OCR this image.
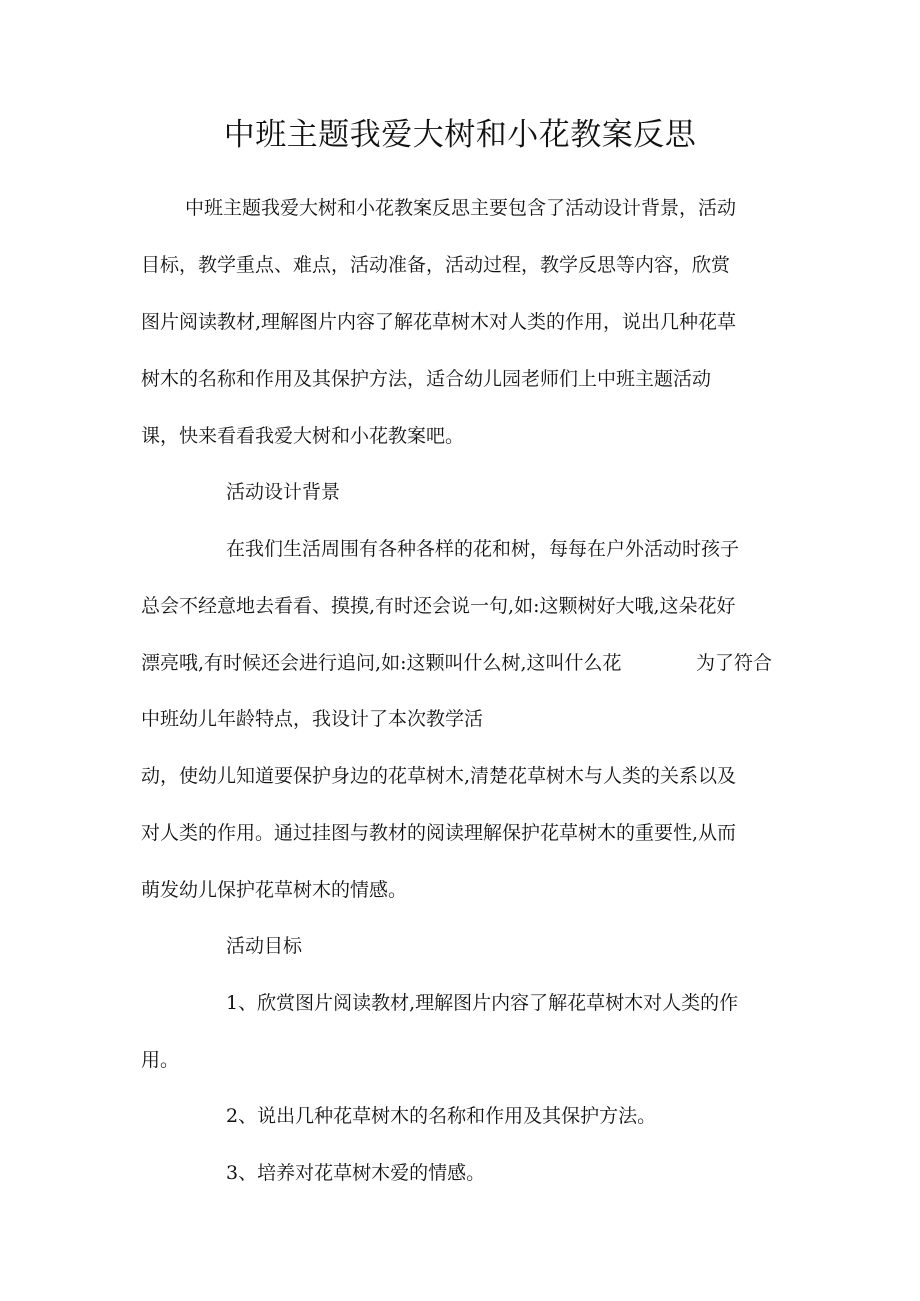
中班主题我爱大树和小花教案反思
中班主题我爱大树和小花教案反思主要包含了活动设计背景，活动
目标，教学重点、难点，活动准备，活动过程，教学反思等内容，欣赏
图片阅读教材,理解图片内容了解花草树木对人类的作用，说出几种花草
树木的名称和作用及其保护方法，适合幼儿园老师们上中班主题活动
课，快来看看我爱大树和小花教案吧。
活动设计背景
在我们生活周围有各种各样的花和树，每每在户外活动时孩子
总会不经意地去看看、摸摸,有时还会说一句,如:这颗树好大哦,这朵花好
漂亮哦,有时候还会进行追问,如:这颗叫什么树,这叫什么花	为了符合
中班幼儿年龄特点，我设计了本次教学活
动，使幼儿知道要保护身边的花草树木,清楚花草树木与人类的关系以及
对人类的作用。通过挂图与教材的阅读理解保护花草树木的重要性,从而
萌发幼儿保护花草树木的情感。
活动目标
1、欣赏图片阅读教材,理解图片内容了解花草树木对人类的作
用。
2、说出几种花草树木的名称和作用及其保护方法。
3、培养对花草树木爱的情感。
